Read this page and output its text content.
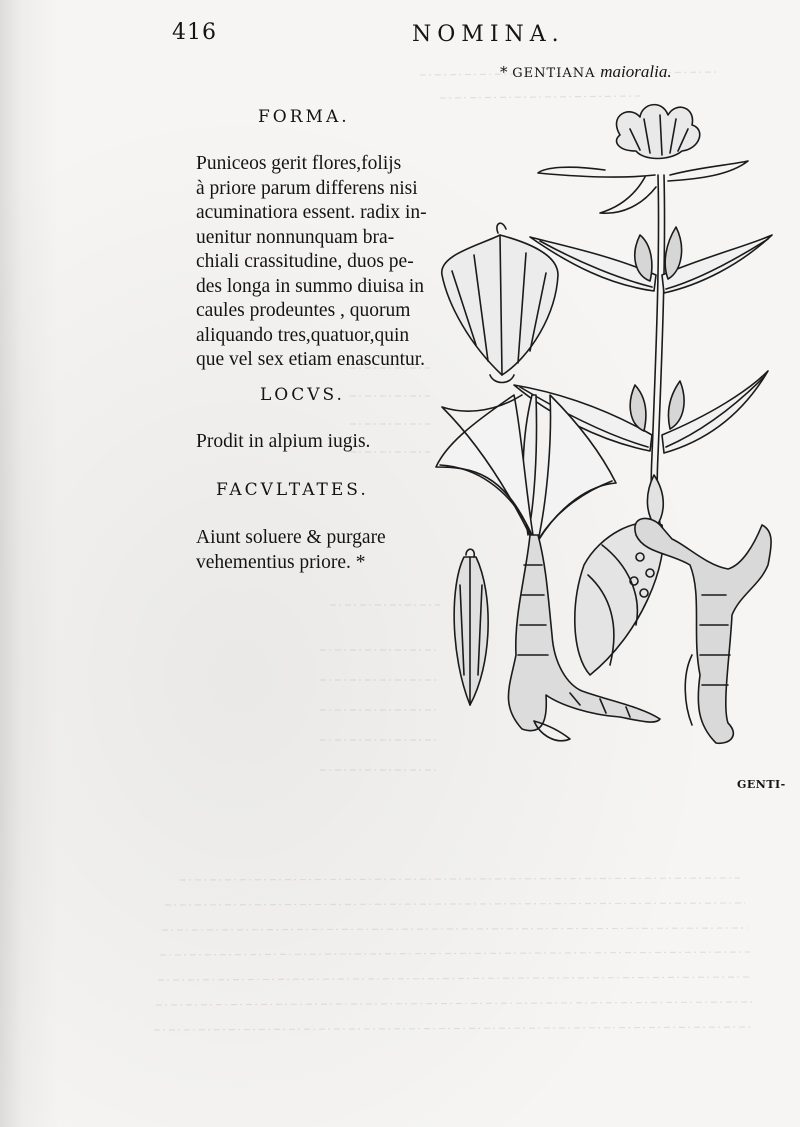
416	NOMINA.
* GENTIANA maioralia.
FORMA.

Puniceos gerit flores,folijs

à priore parum differens nisi

acuminatiora essent. radix in-

uenitur nonnunquam bra-

chiali crassitudine, duos pe-

des longa in summo diuisa in

caules prodeuntes , quorum

aliquando tres,quatuor,quin

que vel sex etiam enascuntur.

LOCVS.

Prodit in alpium iugis.

FACVLTATES.

Aiunt soluere & purgare

vehementius priore. *

GENTI-
